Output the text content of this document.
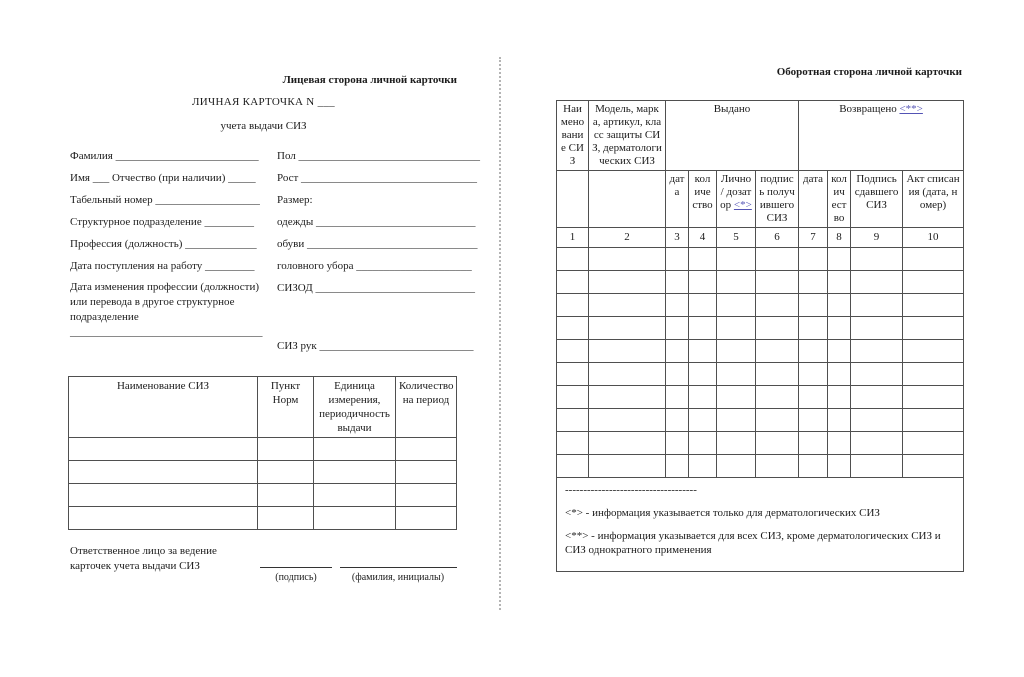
Лицевая сторона личной карточки
ЛИЧНАЯ КАРТОЧКА N ___
учета выдачи СИЗ
Фамилия __________________________
Имя ___ Отчество (при наличии) _____
Табельный номер ___________________
Структурное подразделение _________
Профессия (должность) _____________
Дата поступления на работу _________
Дата изменения профессии (должности) или перевода в другое структурное подразделение
___________________________________
Пол _________________________________
Рост ________________________________
Размер:
одежды _____________________________
обуви _______________________________
головного убора _____________________
СИЗОД _____________________________
СИЗ рук ____________________________
Наименование СИЗ	Пункт Норм	Единица измерения, периодичность выдачи	Количество на период

Ответственное лицо за ведение карточек учета выдачи СИЗ
(подпись)	(фамилия, инициалы)
Оборотная сторона личной карточки
Наименование СИЗ	Модель, марка, артикул, класс защиты СИЗ, дерматологических СИЗ	Выдано				Возвращено <**>			
		дата	количество	Лично / дозатор <*>	подпись получившего СИЗ	дата	количество	Подпись сдавшего СИЗ	Акт списания (дата, номер)
1	2	3	4	5	6	7	8	9	10

------------------------------------

<*> - информация указывается только для дерматологических СИЗ

<**> - информация указывается для всех СИЗ, кроме дерматологических СИЗ и СИЗ однократного применения									
